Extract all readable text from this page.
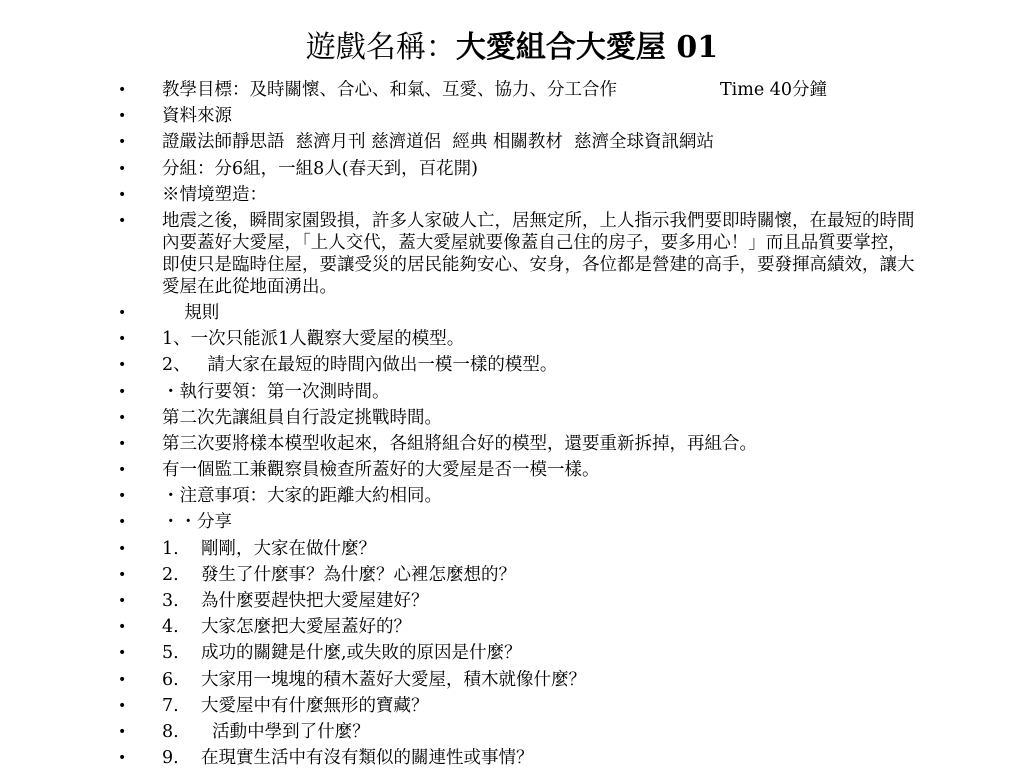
遊戲名稱：大愛組合大愛屋 01
• 教學目標：及時關懷、合心、和氣、互愛、協力、分工合作	Time 40分鐘
• 資料來源
• 證嚴法師靜思語  慈濟月刊 慈濟道侶  經典 相關教材  慈濟全球資訊網站
• 分組：分6組，一組8人(春天到，百花開)
• ※情境塑造：
• 地震之後，瞬間家園毀損，許多人家破人亡，居無定所，上人指示我們要即時關懷，在最短的時間內要蓋好大愛屋，「上人交代，蓋大愛屋就要像蓋自己住的房子，要多用心！」而且品質要掌控，即使只是臨時住屋，要讓受災的居民能夠安心、安身，各位都是營建的高手，要發揮高績效，讓大愛屋在此從地面湧出。
• 規則
• 1、一次只能派1人觀察大愛屋的模型。
• 2、   請大家在最短的時間內做出一模一樣的模型。
• ・執行要領：第一次測時間。
• 第二次先讓組員自行設定挑戰時間。
• 第三次要將樣本模型收起來，各組將組合好的模型，還要重新拆掉，再組合。
• 有一個監工兼觀察員檢查所蓋好的大愛屋是否一模一樣。
• ・注意事項：大家的距離大約相同。
• ・・分享
• 1.    剛剛，大家在做什麼？
• 2.    發生了什麼事？為什麼？心裡怎麼想的？
• 3.    為什麼要趕快把大愛屋建好？
• 4.    大家怎麼把大愛屋蓋好的？
• 5.    成功的關鍵是什麼,或失敗的原因是什麼？
• 6.    大家用一塊塊的積木蓋好大愛屋，積木就像什麼？
• 7.    大愛屋中有什麼無形的寶藏？
• 8.      活動中學到了什麼？
• 9.    在現實生活中有沒有類似的關連性或事情？
